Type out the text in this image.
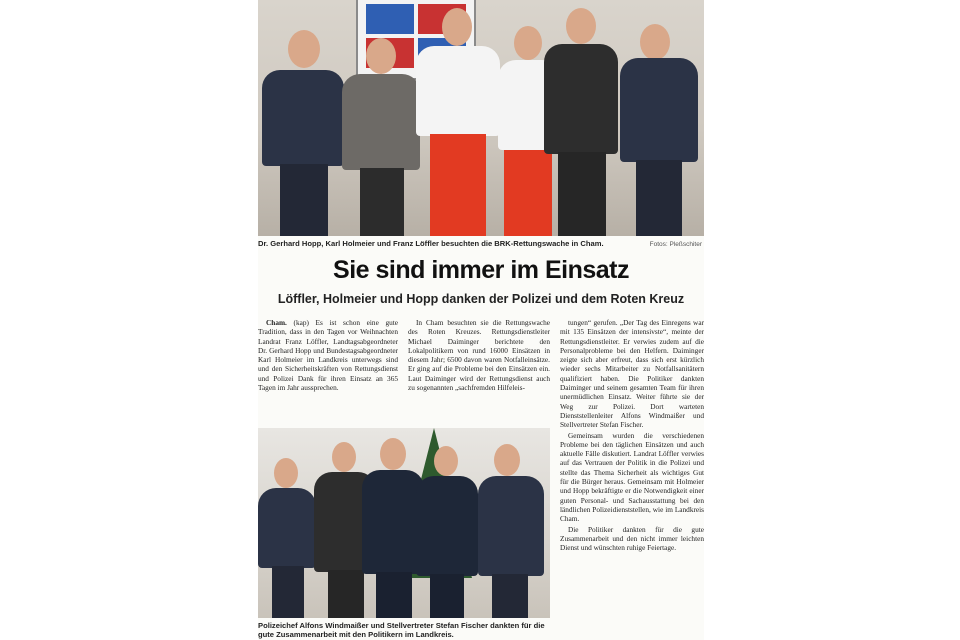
Dr. Gerhard Hopp, Karl Holmeier und Franz Löffler besuchten die BRK-Rettungswache in Cham.	Fotos: Pleßschiter
Sie sind immer im Einsatz
Löffler, Holmeier und Hopp danken der Polizei und dem Roten Kreuz

Cham. (kap) Es ist schon eine gute Tradition, dass in den Tagen vor Weihnachten Landrat Franz Löffler, Landtagsabgeordneter Dr. Gerhard Hopp und Bundestagsabgeordneter Karl Holmeier im Landkreis unterwegs sind und den Sicherheitskräften von Rettungsdienst und Polizei Dank für ihren Einsatz an 365 Tagen im Jahr aussprechen.

In Cham besuchten sie die Rettungswache des Roten Kreuzes. Rettungsdienstleiter Michael Daiminger berichtete den Lokalpolitikern von rund 16000 Einsätzen in diesem Jahr; 6500 davon waren Notfalleinsätze. Er ging auf die Probleme bei den Einsätzen ein. Laut Daiminger wird der Rettungsdienst auch zu sogenannten „sachfremden Hilfeleis-

tungen“ gerufen. „Der Tag des Einregens war mit 135 Einsätzen der intensivste“, meinte der Rettungsdienstleiter. Er verwies zudem auf die Personalprobleme bei den Helfern. Daiminger zeigte sich aber erfreut, dass sich erst kürzlich wieder sechs Mitarbeiter zu Notfallsanitätern qualifiziert haben. Die Politiker dankten Daiminger und seinem gesamten Team für ihren unermüdlichen Einsatz. Weiter führte sie der Weg zur Polizei. Dort warteten Dienststellenleiter Alfons Windmaißer und Stellvertreter Stefan Fischer.

Gemeinsam wurden die verschiedenen Probleme bei den täglichen Einsätzen und auch aktuelle Fälle diskutiert. Landrat Löffler verwies auf das Vertrauen der Politik in die Polizei und stellte das Thema Sicherheit als wichtiges Gut für die Bürger heraus. Gemeinsam mit Holmeier und Hopp bekräftigte er die Notwendigkeit einer guten Personal- und Sachausstattung bei den ländlichen Polizeidienststellen, wie im Landkreis Cham.

Die Politiker dankten für die gute Zusammenarbeit und den nicht immer leichten Dienst und wünschten ruhige Feiertage.

Polizeichef Alfons Windmaißer und Stellvertreter Stefan Fischer dankten für die gute Zusammenarbeit mit den Politikern im Landkreis.
